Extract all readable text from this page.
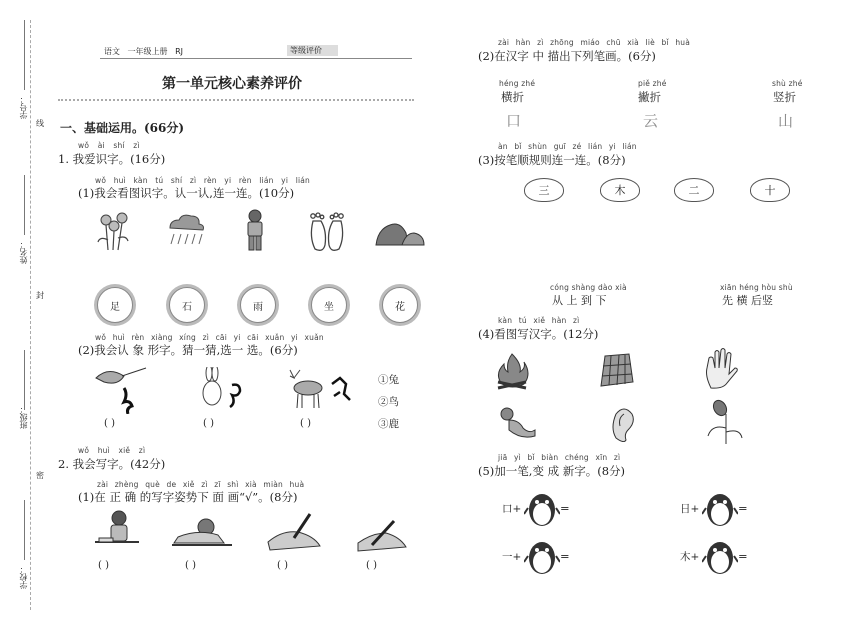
学号：
线
姓名：
封
班级：
密
学校：
语文 一年级上册 RJ	等级评价
第一单元核心素养评价
一、基础运用。(66分)
wǒ ài shí zì
1. 我爱识字。(16分)
wǒ huì kàn tú shí zì rèn yi rèn lián yi lián
(1)我会看图识字。认一认,连一连。(10分)
足	石	雨	坐	花
wǒ huì rèn xiàng xíng zì cāi yi cāi xuǎn yi xuǎn
(2)我会认 象 形字。猜一猜,选一 选。(6分)
①兔
②鸟
③鹿
( )	( )	( )
wǒ huì xiě zì
2. 我会写字。(42分)
zài zhèng què de xiě zì zī shì xià miàn huà
(1)在 正 确 的写字姿势下 面 画“√”。(8分)
( )	( )	( )	( )
zài hàn zì zhōng miáo chū xià liè bǐ huà
(2)在汉字 中 描出下列笔画。(6分)
héng zhé
横折
口
piě zhé
撇折
云
shù zhé
竖折
山
àn bǐ shùn guī zé lián yi lián
(3)按笔顺规则连一连。(8分)
三	木	二	十
cóng shàng dào xià
从 上 到 下
xiān héng hòu shù
先 横 后竖
kàn tú xiě hàn zì
(4)看图写汉字。(12分)
jiā yì bǐ biàn chéng xīn zì
(5)加一笔,变 成 新字。(8分)
口+	=	日+	=
一+	=	木+	=
